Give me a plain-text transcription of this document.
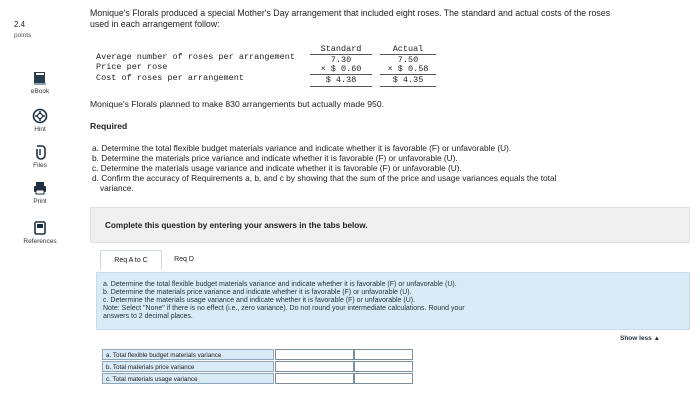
2.4
points
eBook
Hint
Files
Print
References
Monique's Florals produced a special Mother's Day arrangement that included eight roses. The standard and actual costs of the roses
used in each arrangement follow:
Standard	Actual
Average number of roses per arrangement	7.30	7.50
Price per rose	× $ 0.60	× $ 0.58
Cost of roses per arrangement	$ 4.38	$ 4.35
Monique's Florals planned to make 830 arrangements but actually made 950.
Required
a. Determine the total flexible budget materials variance and indicate whether it is favorable (F) or unfavorable (U).
b. Determine the materials price variance and indicate whether it is favorable (F) or unfavorable (U).
c. Determine the materials usage variance and indicate whether it is favorable (F) or unfavorable (U).
d. Confirm the accuracy of Requirements a, b, and c by showing that the sum of the price and usage variances equals the total
variance.
Complete this question by entering your answers in the tabs below.
Req A to C	Req D
a. Determine the total flexible budget materials variance and indicate whether it is favorable (F) or unfavorable (U).
b. Determine the materials price variance and indicate whether it is favorable (F) or unfavorable (U).
c. Determine the materials usage variance and indicate whether it is favorable (F) or unfavorable (U).
Note: Select "None" if there is no effect (i.e., zero variance). Do not round your intermediate calculations. Round your
answers to 2 decimal places.
Show less ▲
a. Total flexible budget materials variance
b. Total materials price variance
c. Total materials usage variance
